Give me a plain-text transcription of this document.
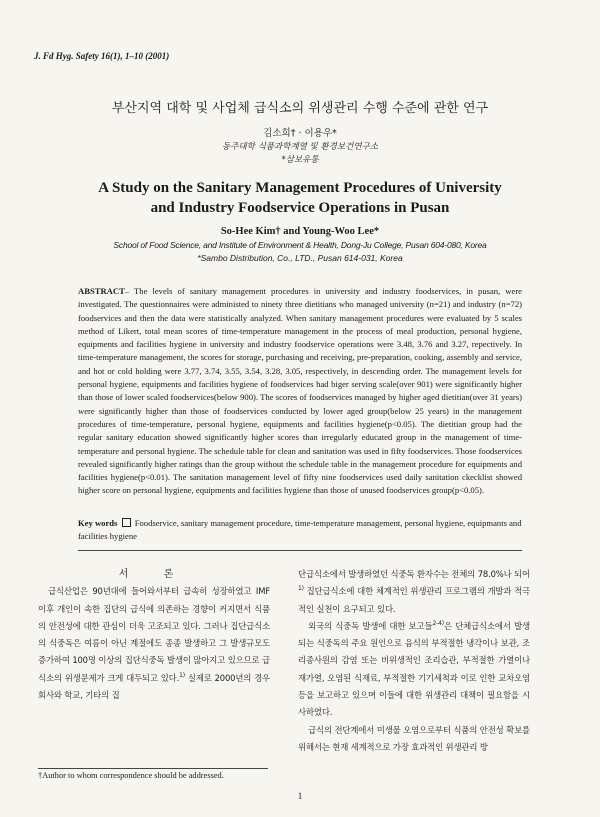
J. Fd Hyg. Safety 16(1), 1–10 (2001)
부산지역 대학 및 사업체 급식소의 위생관리 수행 수준에 관한 연구
김소희† · 이용우*
동주대학 식품과학계열 및 환경보건연구소
*삼보유통
A Study on the Sanitary Management Procedures of University
and Industry Foodservice Operations in Pusan
So-Hee Kim† and Young-Woo Lee*
School of Food Science, and Institute of Environment & Health, Dong-Ju College, Pusan 604-080, Korea
*Sambo Distribution, Co., LTD., Pusan 614-031, Korea
ABSTRACT– The levels of sanitary management procedures in university and industry foodservices, in pusan, were investigated. The questionnaires were administed to ninety three dietitians who managed university (n=21) and industry (n=72) foodservices and then the data were statistically analyzed. When sanitary management procedures were evaluated by 5 scales method of Likert, total mean scores of time-temperature management in the process of meal production, personal hygiene, equipments and facilities hygiene in university and industry foodservice operations were 3.48, 3.76 and 3.27, repectively. In time-temperature management, the scores for storage, purchasing and receiving, pre-preparation, cooking, assembly and service, and hot or cold holding were 3.77, 3.74, 3.55, 3.54, 3.28, 3.05, respectively, in descending order. The management levels for personal hygiene, equipments and facilities hygiene of foodservices had biger serving scale(over 901) were significantly higher than those of lower scaled foodservices(below 900). The scores of foodservices managed by higher aged dietitian(over 31 years) were significantly higher than those of foodservices conducted by lower aged group(below 25 years) in the management procedures of time-temperature, personal hygiene, equipments and facilities hygiene(p<0.05). The dietitian group had the regular sanitary education showed significantly higher scores than irregularly educated group in the management of time-temperature and personal hygiene. The schedule table for clean and sanitation was used in fifty foodservices. Those foodservices revealed significantly higher ratings than the group without the schedule table in the management procedure for equipments and facilities hygiene(p<0.01). The sanitation management level of fifty nine foodservices used daily sanitation ckecklist showed higher score on personal hygiene, equipments and facilities hygiene than those of unused foodservices group(p<0.05).
Key words Foodservice, sanitary management procedure, time-temperature management, personal hygiene, equipmants and facilities hygiene

서 론

급식산업은 90년대에 들어와서부터 급속히 성장하였고 IMF 이후 개인이 속한 집단의 급식에 의존하는 경향이 커지면서 식품의 안전성에 대한 관심이 더욱 고조되고 있다. 그러나 집단급식소의 식중독은 여름이 아닌 계절에도 종종 발생하고 그 발생규모도 증가하여 100명 이상의 집단식중독 발생이 많아지고 있으므로 급식소의 위생문제가 크게 대두되고 있다.$^{1)}$ 실제로 2000년의 경우 회사와 학교, 기타의 집

단급식소에서 발생하였던 식중독 환자수는 전체의 78.0%나 되어$^{1)}$ 집단급식소에 대한 체계적인 위생관리 프로그램의 개발과 적극적인 실천이 요구되고 있다.

외국의 식중독 발생에 대한 보고들$^{2-4)}$은 단체급식소에서 발생되는 식중독의 주요 원인으로 음식의 부적절한 냉각이나 보관, 조리종사원의 감염 또는 비위생적인 조리습관, 부적절한 가열이나 재가열, 오염된 식재료, 부적절한 기기세척과 이로 인한 교차오염 등을 보고하고 있으며 이들에 대한 위생관리 대책이 필요함을 시사하였다.

급식의 전단계에서 미생물 오염으로부터 식품의 안전성 확보를 위해서는 현재 세계적으로 가장 효과적인 위생관리 방

†Author to whom correspondence should be addressed.
1
